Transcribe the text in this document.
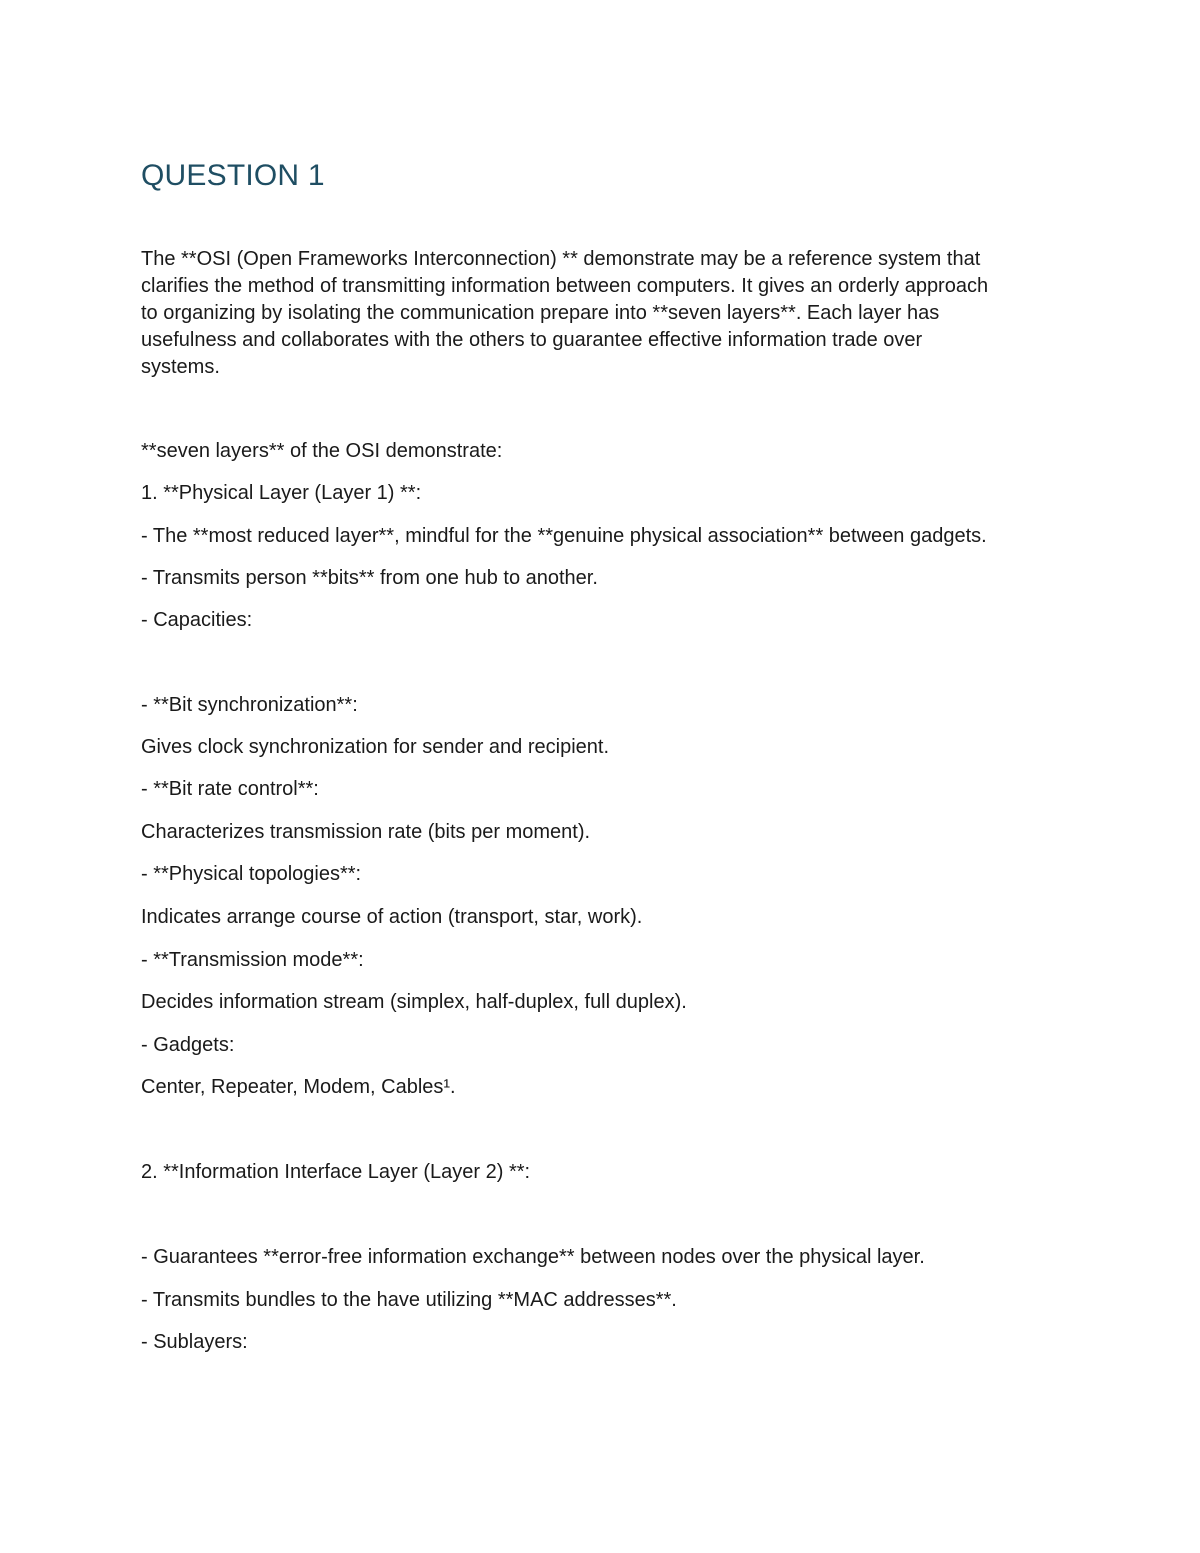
QUESTION 1

The **OSI (Open Frameworks Interconnection) ** demonstrate may be a reference system that
clarifies the method of transmitting information between computers. It gives an orderly approach
to organizing by isolating the communication prepare into **seven layers**. Each layer has
usefulness and collaborates with the others to guarantee effective information trade over
systems.

**seven layers** of the OSI demonstrate:

1. **Physical Layer (Layer 1) **:

- The **most reduced layer**, mindful for the **genuine physical association** between gadgets.

- Transmits person **bits** from one hub to another.

- Capacities:

- **Bit synchronization**:

Gives clock synchronization for sender and recipient.

- **Bit rate control**:

Characterizes transmission rate (bits per moment).

- **Physical topologies**:

Indicates arrange course of action (transport, star, work).

- **Transmission mode**:

Decides information stream (simplex, half-duplex, full duplex).

- Gadgets:

Center, Repeater, Modem, Cables¹.

2. **Information Interface Layer (Layer 2) **:

- Guarantees **error-free information exchange** between nodes over the physical layer.

- Transmits bundles to the have utilizing **MAC addresses**.

- Sublayers:
